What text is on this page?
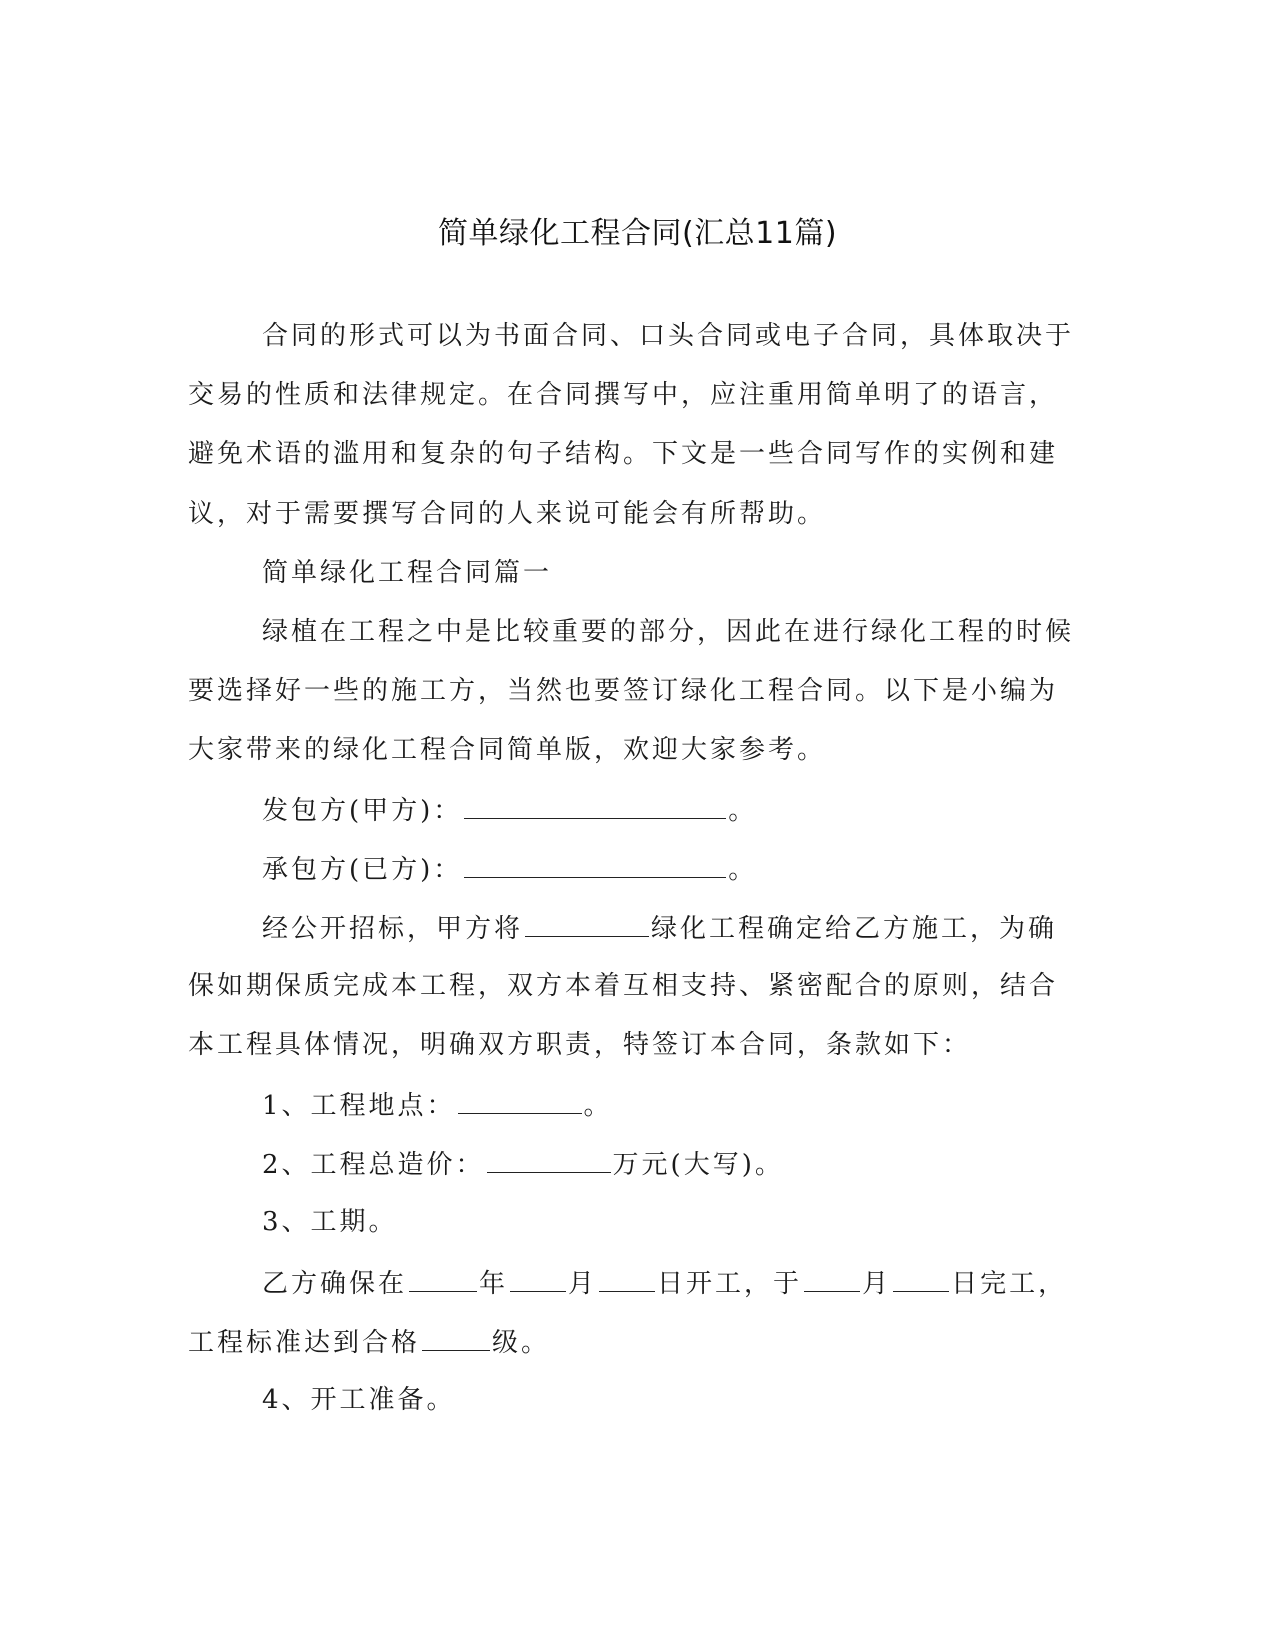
简单绿化工程合同(汇总11篇)
合同的形式可以为书面合同、口头合同或电子合同，具体取决于
交易的性质和法律规定。在合同撰写中，应注重用简单明了的语言，
避免术语的滥用和复杂的句子结构。下文是一些合同写作的实例和建
议，对于需要撰写合同的人来说可能会有所帮助。
简单绿化工程合同篇一
绿植在工程之中是比较重要的部分，因此在进行绿化工程的时候
要选择好一些的施工方，当然也要签订绿化工程合同。以下是小编为
大家带来的绿化工程合同简单版，欢迎大家参考。
发包方(甲方)：	。
承包方(已方)：	。
经公开招标，甲方将	绿化工程确定给乙方施工，为确
保如期保质完成本工程，双方本着互相支持、紧密配合的原则，结合
本工程具体情况，明确双方职责，特签订本合同，条款如下：
1、工程地点：	。
2、工程总造价：	万元(大写)。
3、工期。
乙方确保在	年 月 日开工，于 月 日完工，
工程标准达到合格	级。
4、开工准备。
